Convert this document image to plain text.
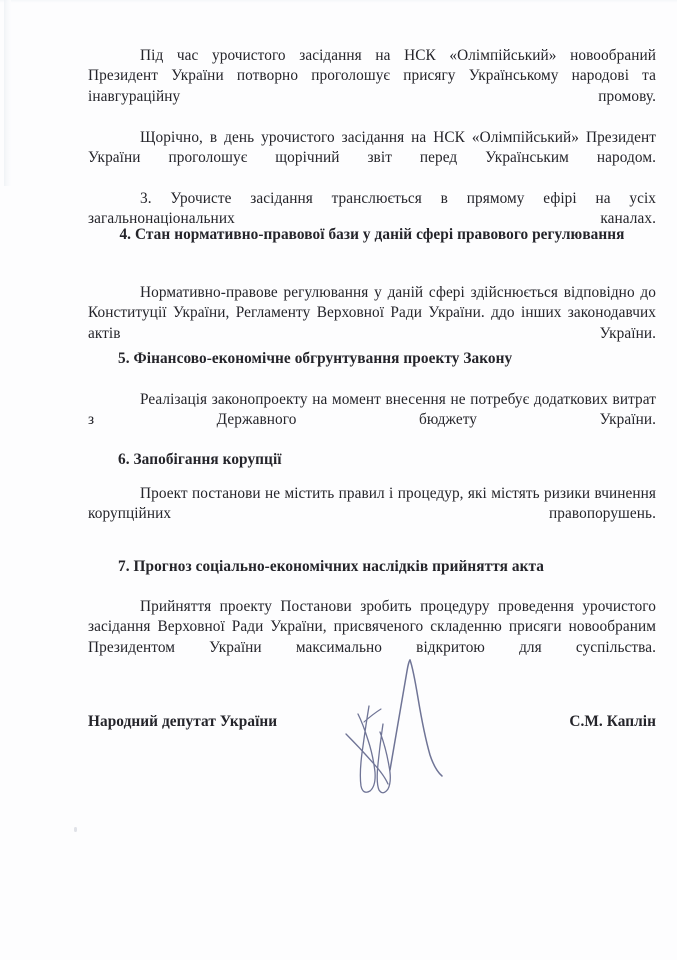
Під час урочистого засідання на НСК «Олімпійський» новообраний Президент України потворно проголошує присягу Українському народові та інавгураційну промову.

Щорічно, в день урочистого засідання на НСК «Олімпійський» Президент України проголошує щорічний звіт перед Українським народом.

3. Урочисте засідання транслюється в прямому ефірі на усіх загальнонаціональних каналах.

4. Стан нормативно-правової бази у даній сфері правового регулювання

Нормативно-правове регулювання у даній сфері здійснюється відповідно до Конституції України, Регламенту Верховної Ради України. ддо інших законодавчих актів України.

5. Фінансово-економічне обгрунтування проекту Закону

Реалізація законопроекту на момент внесення не потребує додаткових витрат з Державного бюджету України.

6. Запобігання корупції

Проект постанови не містить правил і процедур, які містять ризики вчинення корупційних правопорушень.

7. Прогноз соціально-економічних наслідків прийняття акта

Прийняття проекту Постанови зробить процедуру проведення урочистого засідання Верховної Ради України, присвяченого складенню присяги новообраним Президентом України максимально відкритою для суспільства.

Народний депутат України	С.М. Каплін
